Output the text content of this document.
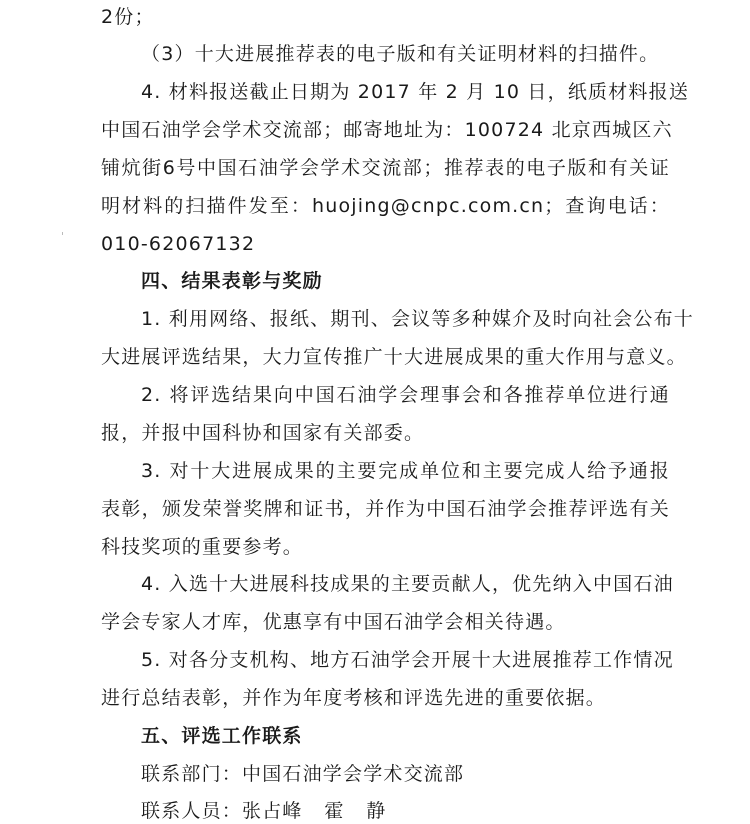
2份；
（3）十大进展推荐表的电子版和有关证明材料的扫描件。
4. 材料报送截止日期为 2017 年 2 月 10 日，纸质材料报送
中国石油学会学术交流部；邮寄地址为：100724 北京西城区六
铺炕街6号中国石油学会学术交流部；推荐表的电子版和有关证
明材料的扫描件发至：huojing@cnpc.com.cn；查询电话：
010-62067132
四、结果表彰与奖励
1. 利用网络、报纸、期刊、会议等多种媒介及时向社会公布十
大进展评选结果，大力宣传推广十大进展成果的重大作用与意义。
2. 将评选结果向中国石油学会理事会和各推荐单位进行通
报，并报中国科协和国家有关部委。
3. 对十大进展成果的主要完成单位和主要完成人给予通报
表彰，颁发荣誉奖牌和证书，并作为中国石油学会推荐评选有关
科技奖项的重要参考。
4. 入选十大进展科技成果的主要贡献人，优先纳入中国石油
学会专家人才库，优惠享有中国石油学会相关待遇。
5. 对各分支机构、地方石油学会开展十大进展推荐工作情况
进行总结表彰，并作为年度考核和评选先进的重要依据。
五、评选工作联系
联系部门：中国石油学会学术交流部
联系人员：张占峰   霍   静
